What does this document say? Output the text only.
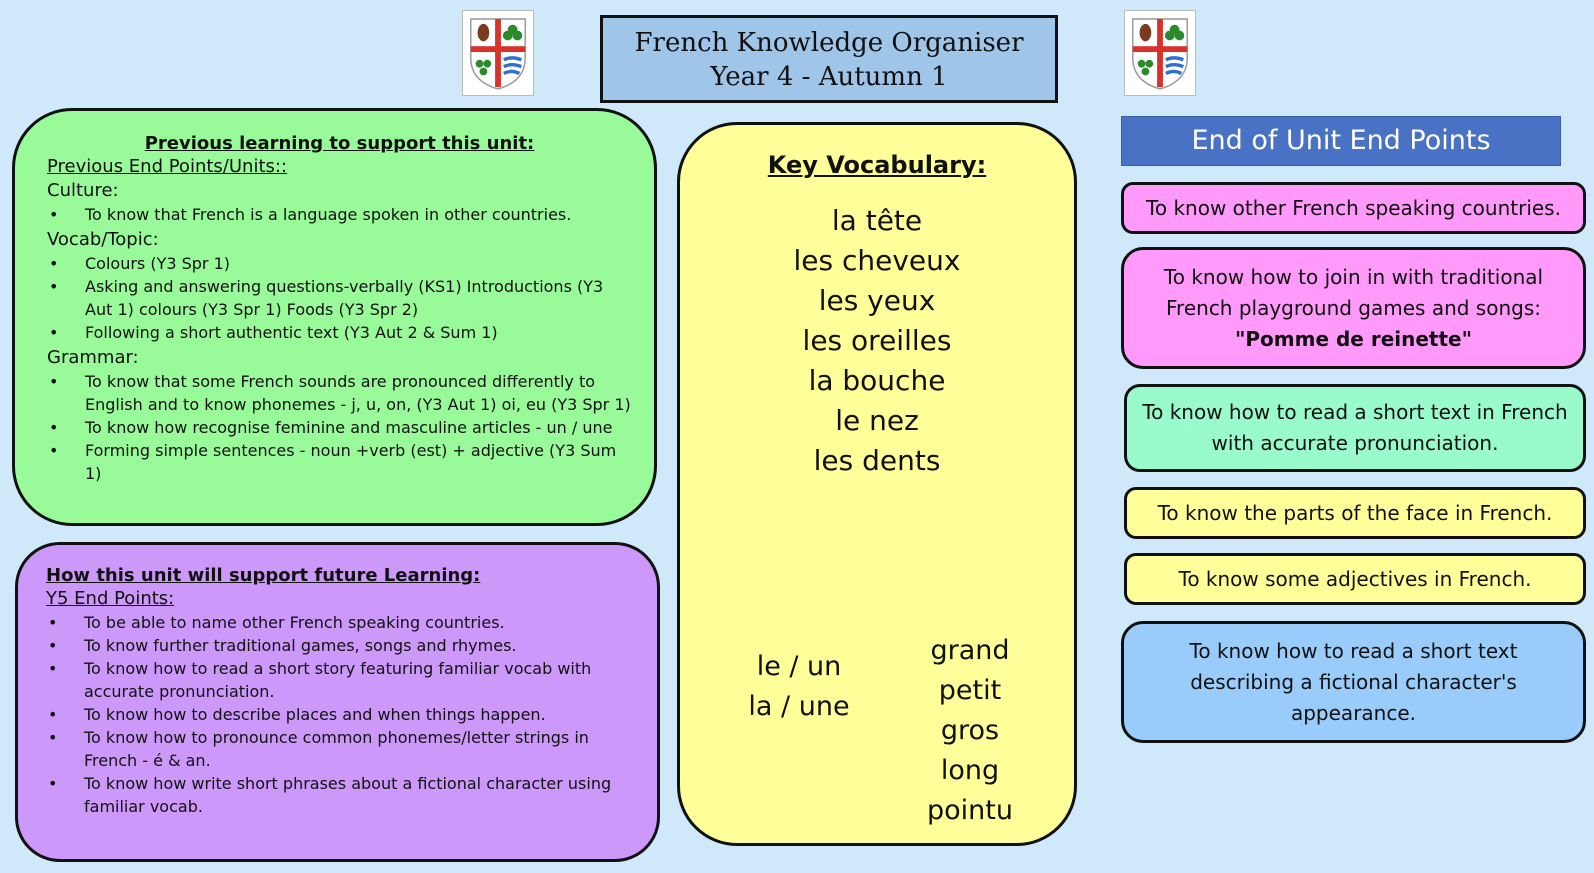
French Knowledge Organiser
Year 4 - Autumn 1
Previous learning to support this unit:
Previous End Points/Units::
Culture:
• To know that French is a language spoken in other countries.
Vocab/Topic:
• Colours (Y3 Spr 1)
• Asking and answering questions-verbally (KS1) Introductions (Y3 Aut 1) colours (Y3 Spr 1) Foods (Y3 Spr 2)
• Following a short authentic text (Y3 Aut 2 & Sum 1)
Grammar:
• To know that some French sounds are pronounced differently to English and to know phonemes - j, u, on, (Y3 Aut 1) oi, eu (Y3 Spr 1)
• To know how recognise feminine and masculine articles - un / une
• Forming simple sentences - noun +verb (est) + adjective (Y3 Sum 1)
How this unit will support future Learning:
Y5 End Points:
• To be able to name other French speaking countries.
• To know further traditional games, songs and rhymes.
• To know how to read a short story featuring familiar vocab with accurate pronunciation.
• To know how to describe places and when things happen.
• To know how to pronounce common phonemes/letter strings in French - é & an.
• To know how write short phrases about a fictional character using familiar vocab.
Key Vocabulary:
la tête
les cheveux
les yeux
les oreilles
la bouche
le nez
les dents
le / un
la / une
grand
petit
gros
long
pointu
End of Unit End Points
To know other French speaking countries.
To know how to join in with traditional French playground games and songs:
"Pomme de reinette"
To know how to read a short text in French with accurate pronunciation.
To know the parts of the face in French.
To know some adjectives in French.
To know how to read a short text describing a fictional character's appearance.
